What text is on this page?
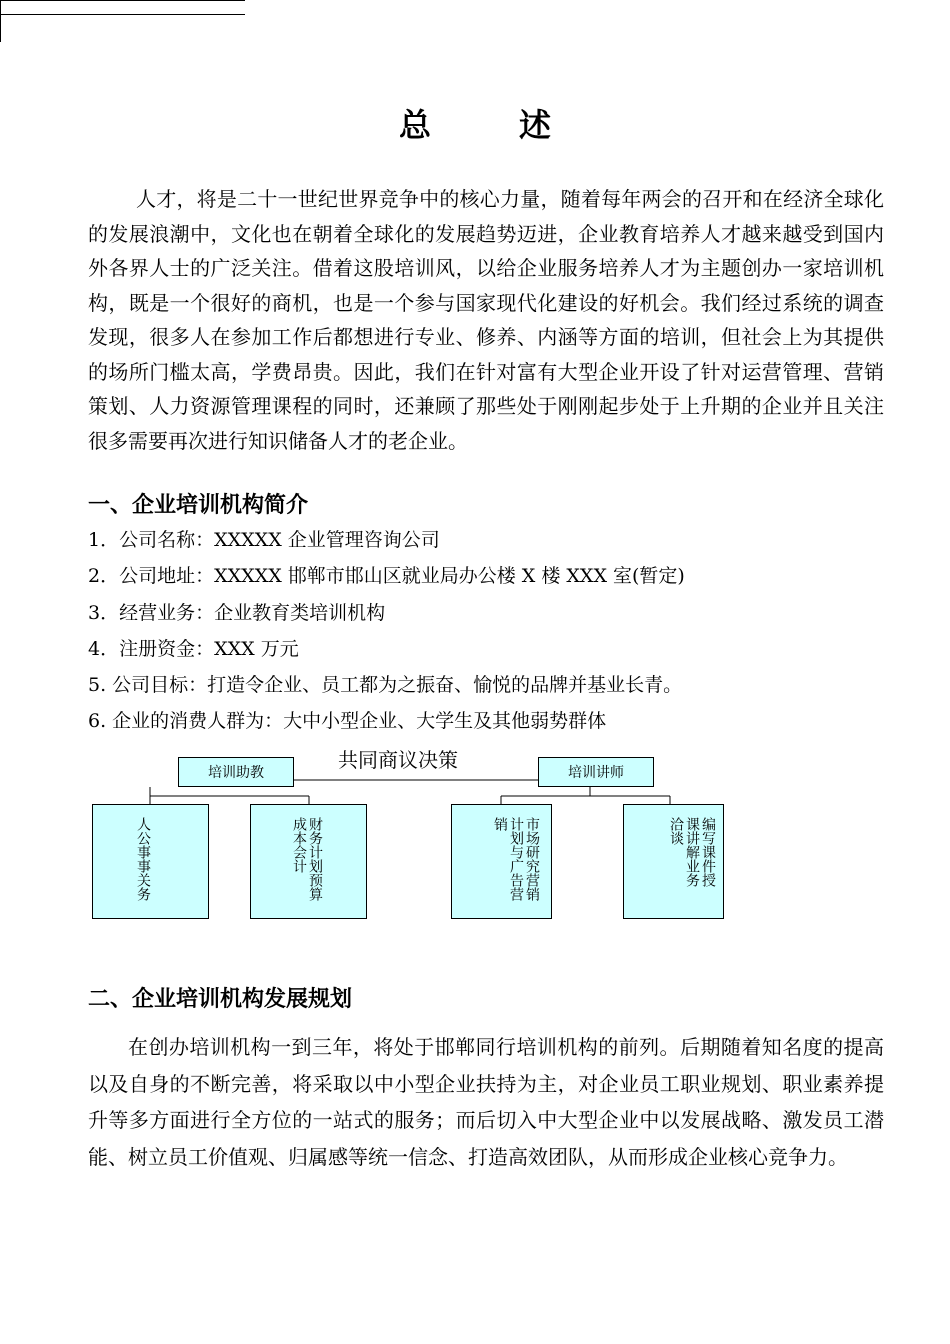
总　述

人才，将是二十一世纪世界竞争中的核心力量，随着每年两会的召开和在经济全球化的发展浪潮中，文化也在朝着全球化的发展趋势迈进，企业教育培养人才越来越受到国内外各界人士的广泛关注。借着这股培训风，以给企业服务培养人才为主题创办一家培训机构，既是一个很好的商机，也是一个参与国家现代化建设的好机会。我们经过系统的调查发现，很多人在参加工作后都想进行专业、修养、内涵等方面的培训，但社会上为其提供的场所门槛太高，学费昂贵。因此，我们在针对富有大型企业开设了针对运营管理、营销策划、人力资源管理课程的同时，还兼顾了那些处于刚刚起步处于上升期的企业并且关注很多需要再次进行知识储备人才的老企业。

一、企业培训机构简介
1．公司名称：XXXXX 企业管理咨询公司
2．公司地址：XXXXX 邯郸市邯山区就业局办公楼 X 楼 XXX 室(暂定)
3．经营业务：企业教育类培训机构
4．注册资金：XXX 万元
5. 公司目标：打造令企业、员工都为之振奋、愉悦的品牌并基业长青。
6. 企业的消费人群为：大中小型企业、大学生及其他弱势群体
共同商议决策
培训助教	培训讲师
人公事事关务
财务计划预算成本会计	市场研究营销计划与广告营销	编写课件授课讲解业务洽谈
二、企业培训机构发展规划

在创办培训机构一到三年，将处于邯郸同行培训机构的前列。后期随着知名度的提高以及自身的不断完善，将采取以中小型企业扶持为主，对企业员工职业规划、职业素养提升等多方面进行全方位的一站式的服务；而后切入中大型企业中以发展战略、激发员工潜能、树立员工价值观、归属感等统一信念、打造高效团队，从而形成企业核心竞争力。
